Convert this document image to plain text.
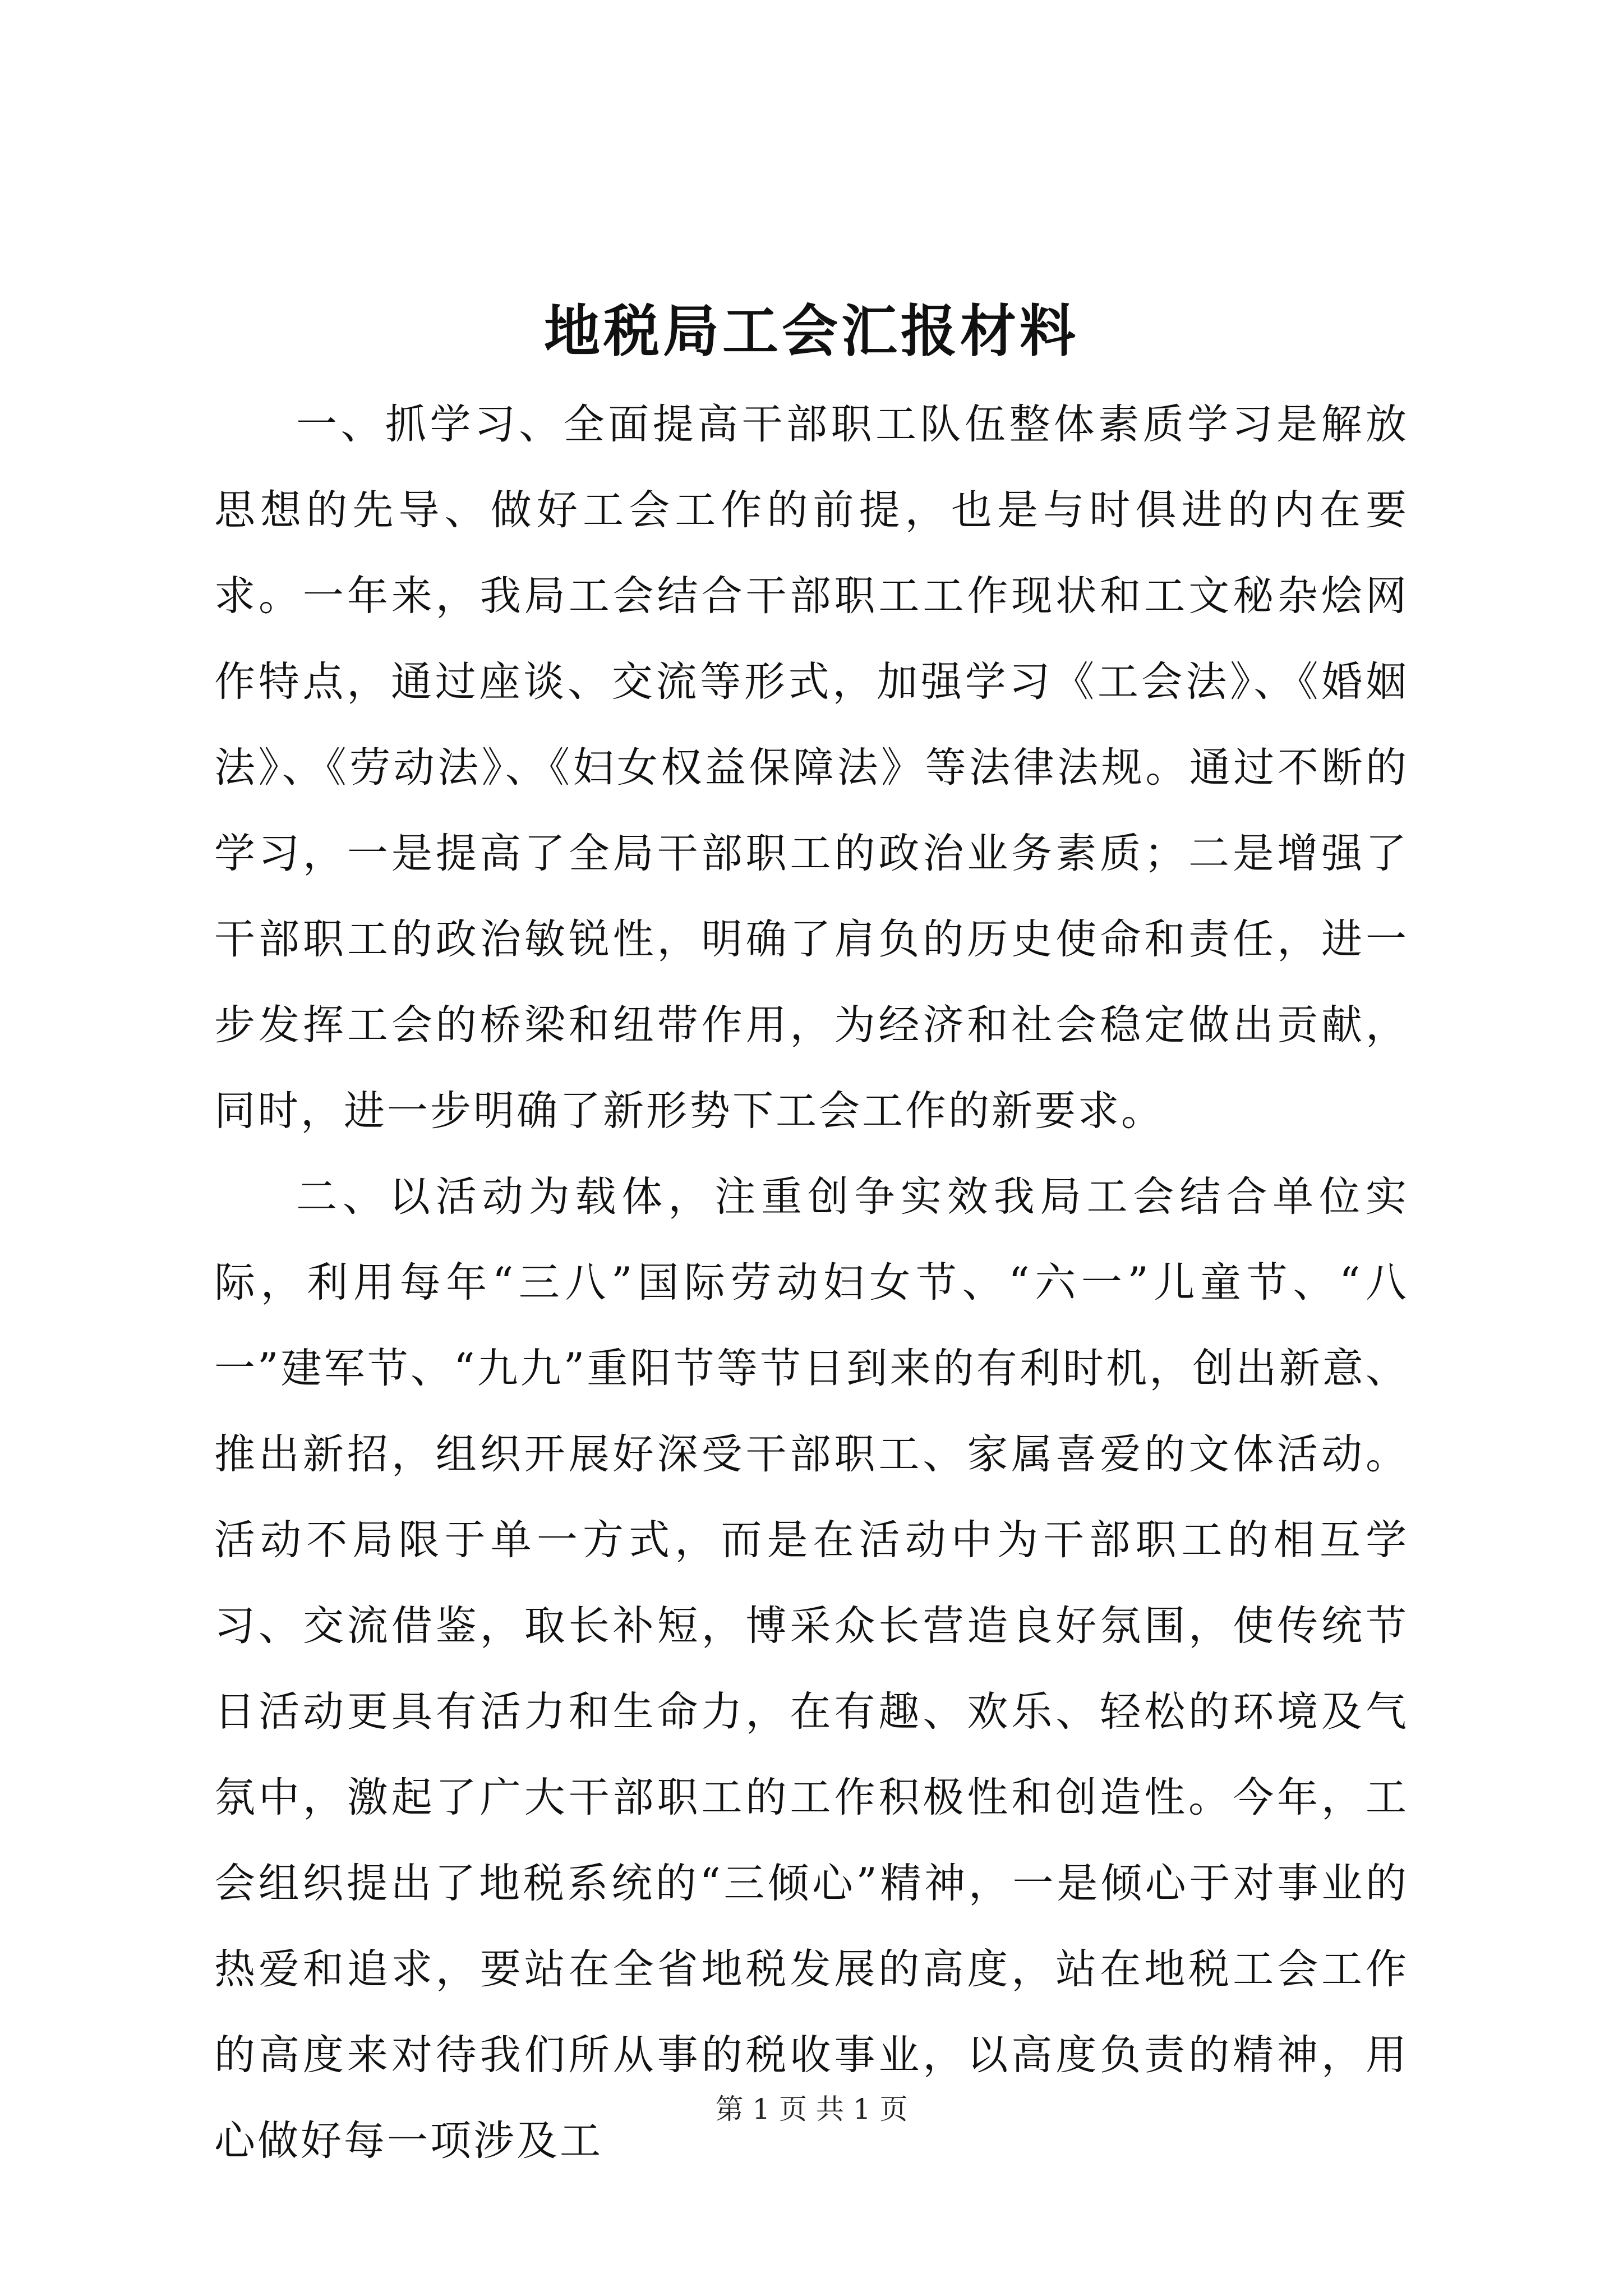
地税局工会汇报材料

一、抓学习、全面提高干部职工队伍整体素质学习是解放思想的先导、做好工会工作的前提，也是与时俱进的内在要求。一年来，我局工会结合干部职工工作现状和工文秘杂烩网作特点，通过座谈、交流等形式，加强学习《工会法》、《婚姻法》、《劳动法》、《妇女权益保障法》等法律法规。通过不断的学习，一是提高了全局干部职工的政治业务素质；二是增强了干部职工的政治敏锐性，明确了肩负的历史使命和责任，进一步发挥工会的桥梁和纽带作用，为经济和社会稳定做出贡献，同时，进一步明确了新形势下工会工作的新要求。

二、以活动为载体，注重创争实效我局工会结合单位实际，利用每年“三八”国际劳动妇女节、“六一”儿童节、“八一”建军节、“九九”重阳节等节日到来的有利时机，创出新意、推出新招，组织开展好深受干部职工、家属喜爱的文体活动。活动不局限于单一方式，而是在活动中为干部职工的相互学习、交流借鉴，取长补短，博采众长营造良好氛围，使传统节日活动更具有活力和生命力，在有趣、欢乐、轻松的环境及气氛中，激起了广大干部职工的工作积极性和创造性。今年，工会组织提出了地税系统的“三倾心”精神，一是倾心于对事业的热爱和追求，要站在全省地税发展的高度，站在地税工会工作的高度来对待我们所从事的税收事业，以高度负责的精神，用心做好每一项涉及工

第 1 页 共 1 页
